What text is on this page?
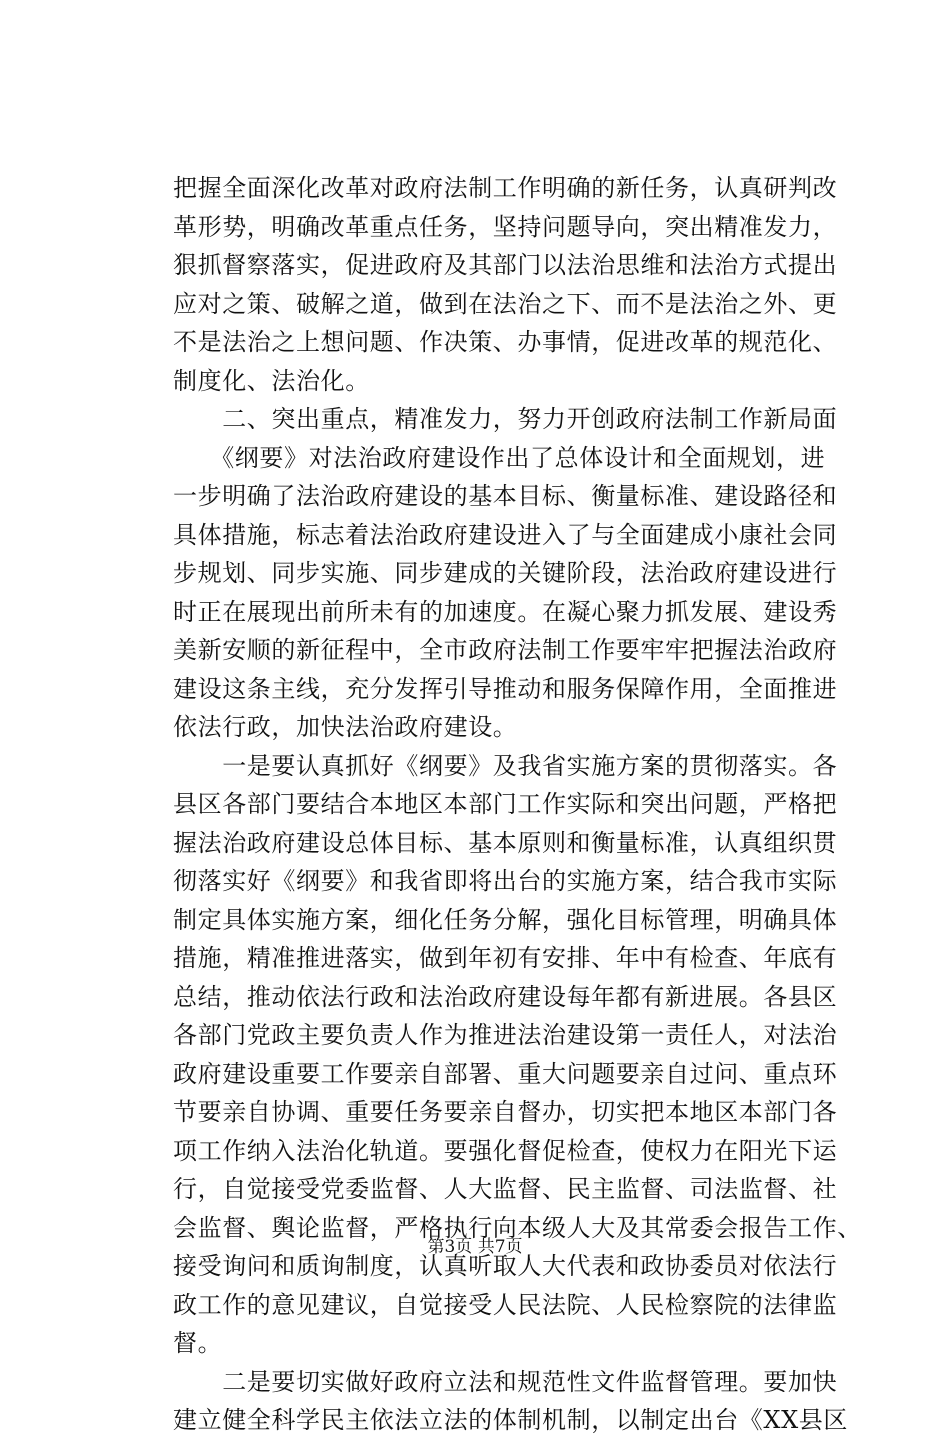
把握全面深化改革对政府法制工作明确的新任务，认真研判改
革形势，明确改革重点任务，坚持问题导向，突出精准发力，
狠抓督察落实，促进政府及其部门以法治思维和法治方式提出
应对之策、破解之道，做到在法治之下、而不是法治之外、更
不是法治之上想问题、作决策、办事情，促进改革的规范化、
制度化、法治化。
　　二、突出重点，精准发力，努力开创政府法制工作新局面
　　《纲要》对法治政府建设作出了总体设计和全面规划，进
一步明确了法治政府建设的基本目标、衡量标准、建设路径和
具体措施，标志着法治政府建设进入了与全面建成小康社会同
步规划、同步实施、同步建成的关键阶段，法治政府建设进行
时正在展现出前所未有的加速度。在凝心聚力抓发展、建设秀
美新安顺的新征程中，全市政府法制工作要牢牢把握法治政府
建设这条主线，充分发挥引导推动和服务保障作用，全面推进
依法行政，加快法治政府建设。
　　一是要认真抓好《纲要》及我省实施方案的贯彻落实。各
县区各部门要结合本地区本部门工作实际和突出问题，严格把
握法治政府建设总体目标、基本原则和衡量标准，认真组织贯
彻落实好《纲要》和我省即将出台的实施方案，结合我市实际
制定具体实施方案，细化任务分解，强化目标管理，明确具体
措施，精准推进落实，做到年初有安排、年中有检查、年底有
总结，推动依法行政和法治政府建设每年都有新进展。各县区
各部门党政主要负责人作为推进法治建设第一责任人，对法治
政府建设重要工作要亲自部署、重大问题要亲自过问、重点环
节要亲自协调、重要任务要亲自督办，切实把本地区本部门各
项工作纳入法治化轨道。要强化督促检查，使权力在阳光下运
行，自觉接受党委监督、人大监督、民主监督、司法监督、社
会监督、舆论监督，严格执行向本级人大及其常委会报告工作、
接受询问和质询制度，认真听取人大代表和政协委员对依法行
政工作的意见建议，自觉接受人民法院、人民检察院的法律监
督。
　　二是要切实做好政府立法和规范性文件监督管理。要加快
建立健全科学民主依法立法的体制机制，以制定出台《XX县区
第3页 共7页
